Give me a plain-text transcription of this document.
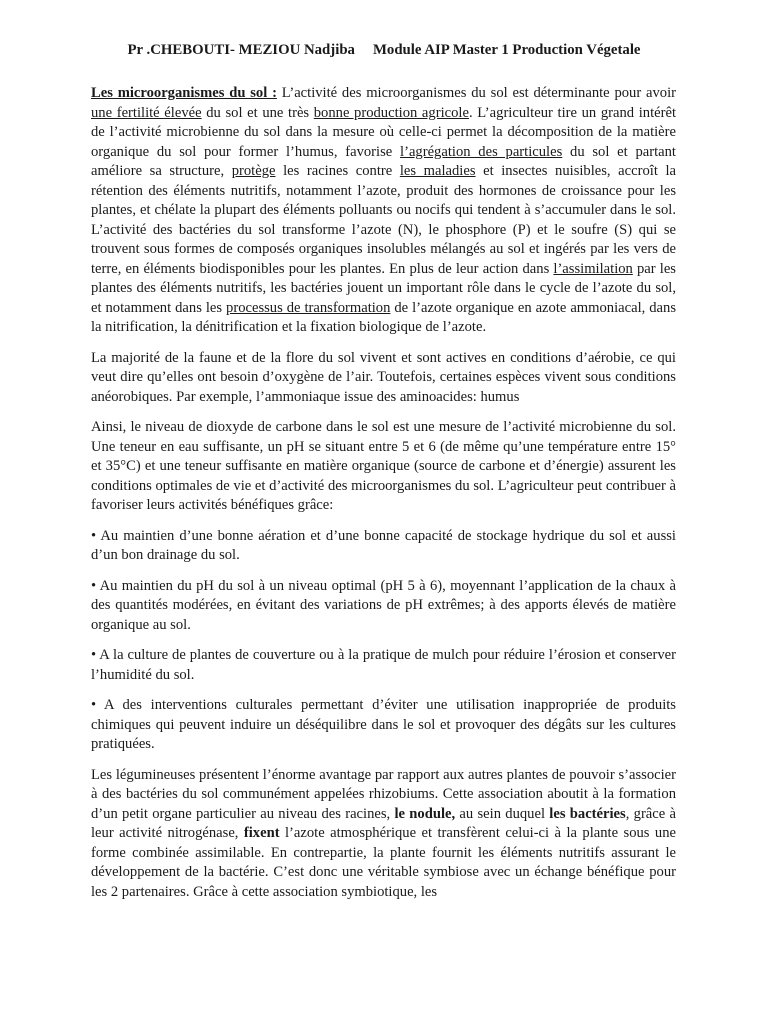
Pr .CHEBOUTI- MEZIOU Nadjiba Module AIP Master 1 Production Végetale

Les microorganismes du sol : L’activité des microorganismes du sol est déterminante pour avoir une fertilité élevée du sol et une très bonne production agricole. L’agriculteur tire un grand intérêt de l’activité microbienne du sol dans la mesure où celle-ci permet la décomposition de la matière organique du sol pour former l’humus, favorise l’agrégation des particules du sol et partant améliore sa structure, protège les racines contre les maladies et insectes nuisibles, accroît la rétention des éléments nutritifs, notamment l’azote, produit des hormones de croissance pour les plantes, et chélate la plupart des éléments polluants ou nocifs qui tendent à s’accumuler dans le sol. L’activité des bactéries du sol transforme l’azote (N), le phosphore (P) et le soufre (S) qui se trouvent sous formes de composés organiques insolubles mélangés au sol et ingérés par les vers de terre, en éléments biodisponibles pour les plantes. En plus de leur action dans l’assimilation par les plantes des éléments nutritifs, les bactéries jouent un important rôle dans le cycle de l’azote du sol, et notamment dans les processus de transformation de l’azote organique en azote ammoniacal, dans la nitrification, la dénitrification et la fixation biologique de l’azote.

La majorité de la faune et de la flore du sol vivent et sont actives en conditions d’aérobie, ce qui veut dire qu’elles ont besoin d’oxygène de l’air. Toutefois, certaines espèces vivent sous conditions anéorobiques. Par exemple, l’ammoniaque issue des aminoacides: humus

Ainsi, le niveau de dioxyde de carbone dans le sol est une mesure de l’activité microbienne du sol. Une teneur en eau suffisante, un pH se situant entre 5 et 6 (de même qu’une température entre 15° et 35°C) et une teneur suffisante en matière organique (source de carbone et d’énergie) assurent les conditions optimales de vie et d’activité des microorganismes du sol. L’agriculteur peut contribuer à favoriser leurs activités bénéfiques grâce:

• Au maintien d’une bonne aération et d’une bonne capacité de stockage hydrique du sol et aussi d’un bon drainage du sol.

• Au maintien du pH du sol à un niveau optimal (pH 5 à 6), moyennant l’application de la chaux à des quantités modérées, en évitant des variations de pH extrêmes; à des apports élevés de matière organique au sol.

• A la culture de plantes de couverture ou à la pratique de mulch pour réduire l’érosion et conserver l’humidité du sol.

• A des interventions culturales permettant d’éviter une utilisation inappropriée de produits chimiques qui peuvent induire un déséquilibre dans le sol et provoquer des dégâts sur les cultures pratiquées.

Les légumineuses présentent l’énorme avantage par rapport aux autres plantes de pouvoir s’associer à des bactéries du sol communément appelées rhizobiums. Cette association aboutit à la formation d’un petit organe particulier au niveau des racines, le nodule, au sein duquel les bactéries, grâce à leur activité nitrogénase, fixent l’azote atmosphérique et transfèrent celui-ci à la plante sous une forme combinée assimilable. En contrepartie, la plante fournit les éléments nutritifs assurant le développement de la bactérie. C’est donc une véritable symbiose avec un échange bénéfique pour les 2 partenaires. Grâce à cette association symbiotique, les
